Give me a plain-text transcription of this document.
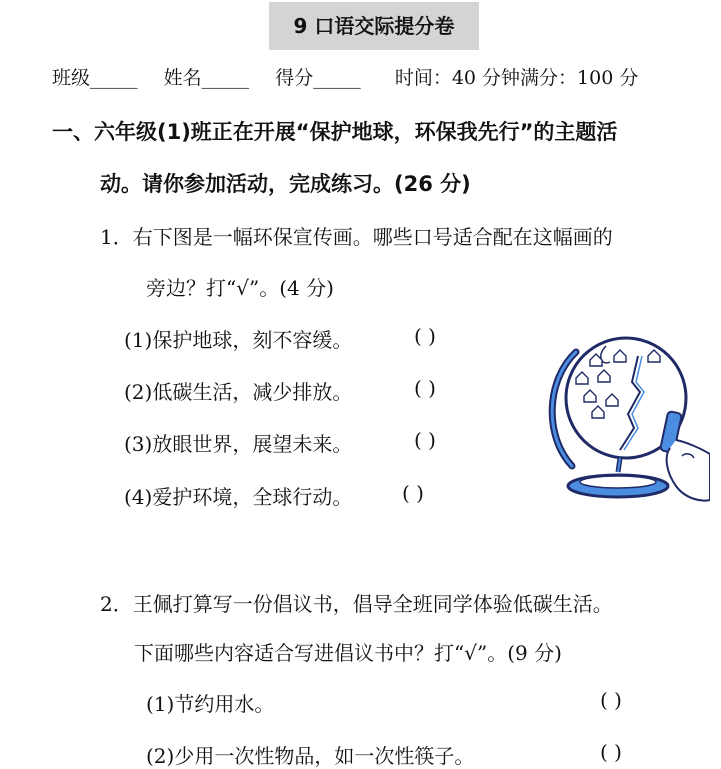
9 口语交际提分卷
班级_____ 姓名_____ 得分_____ 时间：40 分钟满分：100 分
一、六年级(1)班正在开展“保护地球，环保我先行”的主题活
动。请你参加活动，完成练习。(26 分)
1．右下图是一幅环保宣传画。哪些口号适合配在这幅画的
旁边？打“√”。(4 分)
(1)保护地球，刻不容缓。	( )
(2)低碳生活，减少排放。	( )
(3)放眼世界，展望未来。	( )
(4)爱护环境，全球行动。 ( )
2．王佩打算写一份倡议书，倡导全班同学体验低碳生活。
下面哪些内容适合写进倡议书中？打“√”。(9 分)
(1)节约用水。	( )
(2)少用一次性物品，如一次性筷子。	( )
